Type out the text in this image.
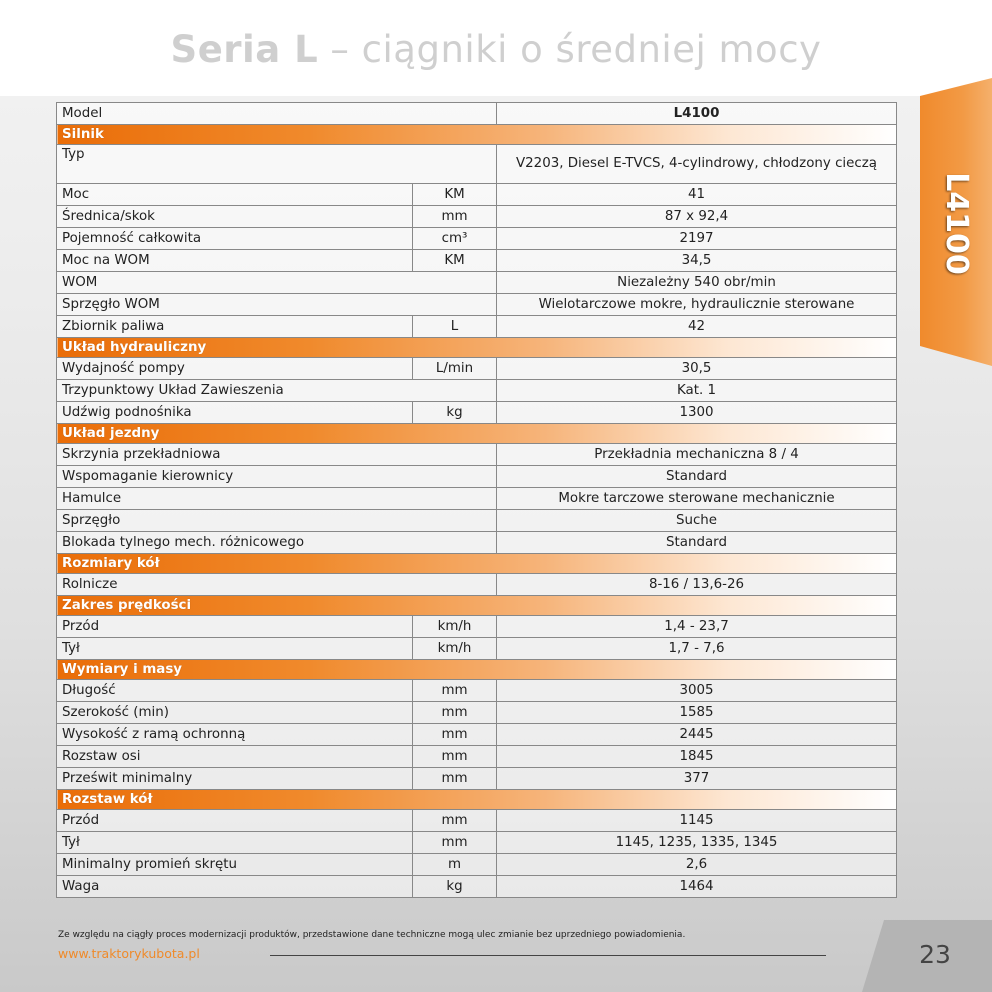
Seria L – ciągniki o średniej mocy
L4100
Model		L4100
Silnik		
Typ		V2203, Diesel E-TVCS, 4-cylindrowy, chłodzony cieczą
Moc	KM	41
Średnica/skok	mm	87 x 92,4
Pojemność całkowita	cm³	2197
Moc na WOM	KM	34,5
WOM		Niezależny 540 obr/min
Sprzęgło WOM		Wielotarczowe mokre, hydraulicznie sterowane
Zbiornik paliwa	L	42
Układ hydrauliczny		
Wydajność pompy	L/min	30,5
Trzypunktowy Układ Zawieszenia		Kat. 1
Udźwig podnośnika	kg	1300
Układ jezdny		
Skrzynia przekładniowa		Przekładnia mechaniczna 8 / 4
Wspomaganie kierownicy		Standard
Hamulce		Mokre tarczowe sterowane mechanicznie
Sprzęgło		Suche
Blokada tylnego mech. różnicowego		Standard
Rozmiary kół		
Rolnicze		8-16 / 13,6-26
Zakres prędkości		
Przód	km/h	1,4 - 23,7
Tył	km/h	1,7 - 7,6
Wymiary i masy		
Długość	mm	3005
Szerokość (min)	mm	1585
Wysokość z ramą ochronną	mm	2445
Rozstaw osi	mm	1845
Prześwit minimalny	mm	377
Rozstaw kół		
Przód	mm	1145
Tył	mm	1145, 1235, 1335, 1345
Minimalny promień skrętu	m	2,6
Waga	kg	1464
Ze względu na ciągły proces modernizacji produktów, przedstawione dane techniczne mogą ulec zmianie bez uprzedniego powiadomienia.
www.traktorykubota.pl	23
